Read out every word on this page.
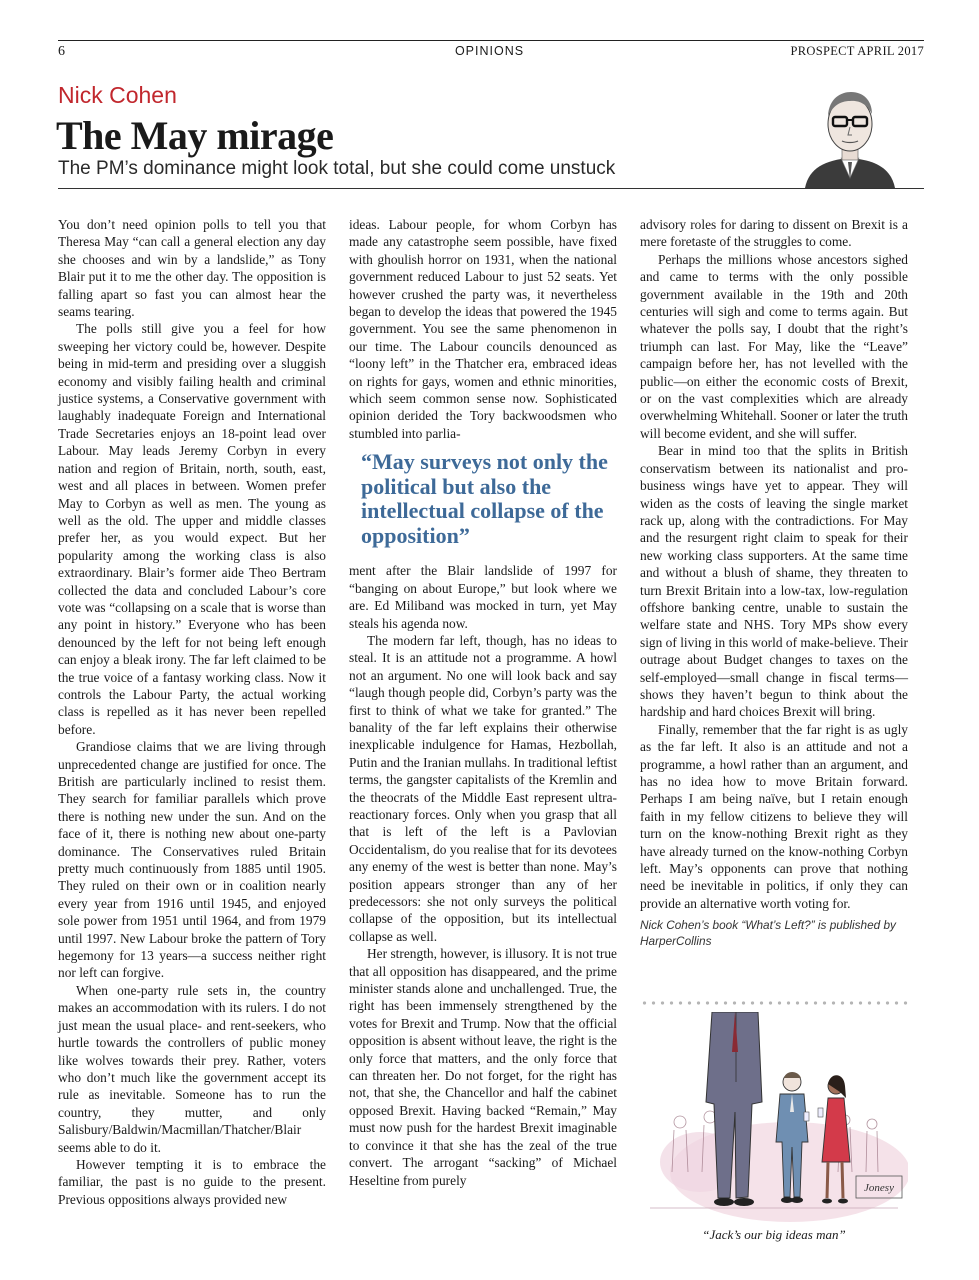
6	OPINIONS	PROSPECT APRIL 2017
Nick Cohen
The May mirage
The PM’s dominance might look total, but she could come unstuck

You don’t need opinion polls to tell you that Theresa May “can call a general election any day she chooses and win by a landslide,” as Tony Blair put it to me the other day. The opposition is falling apart so fast you can almost hear the seams tearing.

The polls still give you a feel for how sweeping her victory could be, however. Despite being in mid-term and presiding over a sluggish economy and visibly failing health and criminal justice systems, a Conservative government with laughably inadequate Foreign and International Trade Secretaries enjoys an 18-point lead over Labour. May leads Jeremy Corbyn in every nation and region of Britain, north, south, east, west and all places in between. Women prefer May to Corbyn as well as men. The young as well as the old. The upper and middle classes prefer her, as you would expect. But her popularity among the working class is also extraordinary. Blair’s former aide Theo Bertram collected the data and concluded Labour’s core vote was “collapsing on a scale that is worse than any point in history.” Everyone who has been denounced by the left for not being left enough can enjoy a bleak irony. The far left claimed to be the true voice of a fantasy working class. Now it controls the Labour Party, the actual working class is repelled as it has never been repelled before.

Grandiose claims that we are living through unprecedented change are justified for once. The British are particularly inclined to resist them. They search for familiar parallels which prove there is nothing new under the sun. And on the face of it, there is nothing new about one-party dominance. The Conservatives ruled Britain pretty much continuously from 1885 until 1905. They ruled on their own or in coalition nearly every year from 1916 until 1945, and enjoyed sole power from 1951 until 1964, and from 1979 until 1997. New Labour broke the pattern of Tory hegemony for 13 years—a success neither right nor left can forgive.

When one-party rule sets in, the country makes an accommodation with its rulers. I do not just mean the usual place- and rent-seekers, who hurtle towards the controllers of public money like wolves towards their prey. Rather, voters who don’t much like the government accept its rule as inevitable. Someone has to run the country, they mutter, and only Salisbury/Baldwin/Macmillan/Thatcher/Blair seems able to do it.

However tempting it is to embrace the familiar, the past is no guide to the present. Previous oppositions always provided new

ideas. Labour people, for whom Corbyn has made any catastrophe seem possible, have fixed with ghoulish horror on 1931, when the national government reduced Labour to just 52 seats. Yet however crushed the party was, it nevertheless began to develop the ideas that powered the 1945 government. You see the same phenomenon in our time. The Labour councils denounced as “loony left” in the Thatcher era, embraced ideas on rights for gays, women and ethnic minorities, which seem common sense now. Sophisticated opinion derided the Tory backwoodsmen who stumbled into parlia-

“May surveys not only the political but also the intellectual collapse of the opposition”

ment after the Blair landslide of 1997 for “banging on about Europe,” but look where we are. Ed Miliband was mocked in turn, yet May steals his agenda now.

The modern far left, though, has no ideas to steal. It is an attitude not a programme. A howl not an argument. No one will look back and say “laugh though people did, Corbyn’s party was the first to think of what we take for granted.” The banality of the far left explains their otherwise inexplicable indulgence for Hamas, Hezbollah, Putin and the Iranian mullahs. In traditional leftist terms, the gangster capitalists of the Kremlin and the theocrats of the Middle East represent ultra-reactionary forces. Only when you grasp that all that is left of the left is a Pavlovian Occidentalism, do you realise that for its devotees any enemy of the west is better than none. May’s position appears stronger than any of her predecessors: she not only surveys the political collapse of the opposition, but its intellectual collapse as well.

Her strength, however, is illusory. It is not true that all opposition has disappeared, and the prime minister stands alone and unchallenged. True, the right has been immensely strengthened by the votes for Brexit and Trump. Now that the official opposition is absent without leave, the right is the only force that matters, and the only force that can threaten her. Do not forget, for the right has not, that she, the Chancellor and half the cabinet opposed Brexit. Having backed “Remain,” May must now push for the hardest Brexit imaginable to convince it that she has the zeal of the true convert. The arrogant “sacking” of Michael Heseltine from purely

advisory roles for daring to dissent on Brexit is a mere foretaste of the struggles to come.

Perhaps the millions whose ancestors sighed and came to terms with the only possible government available in the 19th and 20th centuries will sigh and come to terms again. But whatever the polls say, I doubt that the right’s triumph can last. For May, like the “Leave” campaign before her, has not levelled with the public—on either the economic costs of Brexit, or on the vast complexities which are already overwhelming Whitehall. Sooner or later the truth will become evident, and she will suffer.

Bear in mind too that the splits in British conservatism between its nationalist and pro-business wings have yet to appear. They will widen as the costs of leaving the single market rack up, along with the contradictions. For May and the resurgent right claim to speak for their new working class supporters. At the same time and without a blush of shame, they threaten to turn Brexit Britain into a low-tax, low-regulation offshore banking centre, unable to sustain the welfare state and NHS. Tory MPs show every sign of living in this world of make-believe. Their outrage about Budget changes to taxes on the self-employed—small change in fiscal terms—shows they haven’t begun to think about the hardship and hard choices Brexit will bring.

Finally, remember that the far right is as ugly as the far left. It also is an attitude and not a programme, a howl rather than an argument, and has no idea how to move Britain forward. Perhaps I am being naïve, but I retain enough faith in my fellow citizens to believe they will turn on the know-nothing Brexit right as they have already turned on the know-nothing Corbyn left. May’s opponents can prove that nothing need be inevitable in politics, if only they can provide an alternative worth voting for.

Nick Cohen’s book “What’s Left?” is published by HarperCollins
Jonesy
“Jack’s our big ideas man”
